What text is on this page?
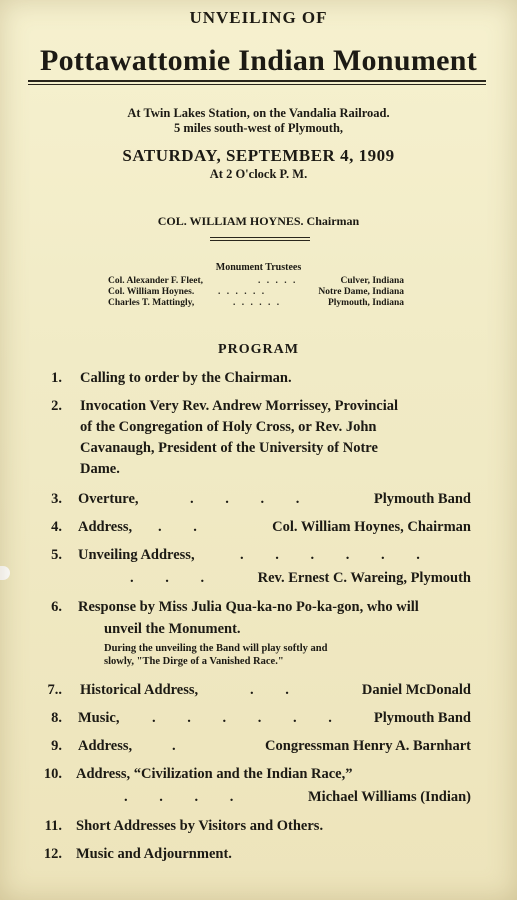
UNVEILING OF
Pottawattomie Indian Monument
At Twin Lakes Station, on the Vandalia Railroad.
5 miles south-west of Plymouth,
SATURDAY, SEPTEMBER 4, 1909
At 2 O'clock P. M.
COL. WILLIAM HOYNES. Chairman
Monument Trustees
Col. Alexander F. Fleet,	. . . . .	Culver, Indiana
Col. William Hoynes.	. . . . . .	Notre Dame, Indiana
Charles T. Mattingly,	. . . . . .	Plymouth, Indiana
PROGRAM
1. Calling to order by the Chairman.
2. Invocation Very Rev. Andrew Morrissey, Provincial
of the Congregation of Holy Cross, or Rev. John
Cavanaugh, President of the University of Notre
Dame.
3. Overture,	. . . .	Plymouth Band
4. Address, . .	Col. William Hoynes, Chairman
5. Unveiling Address,	. . . . . .
. . .	Rev. Ernest C. Wareing, Plymouth
6. Response by Miss Julia Qua-ka-no Po-ka-gon, who will
unveil the Monument.
During the unveiling the Band will play softly and
slowly, "The Dirge of a Vanished Race."
7.. Historical Address,	. .	Daniel McDonald
8. Music, . . . . . . Plymouth Band
9. Address,	.	Congressman Henry A. Barnhart
10. Address, “Civilization and the Indian Race,”
. . . .	Michael Williams (Indian)
11. Short Addresses by Visitors and Others.
12. Music and Adjournment.
